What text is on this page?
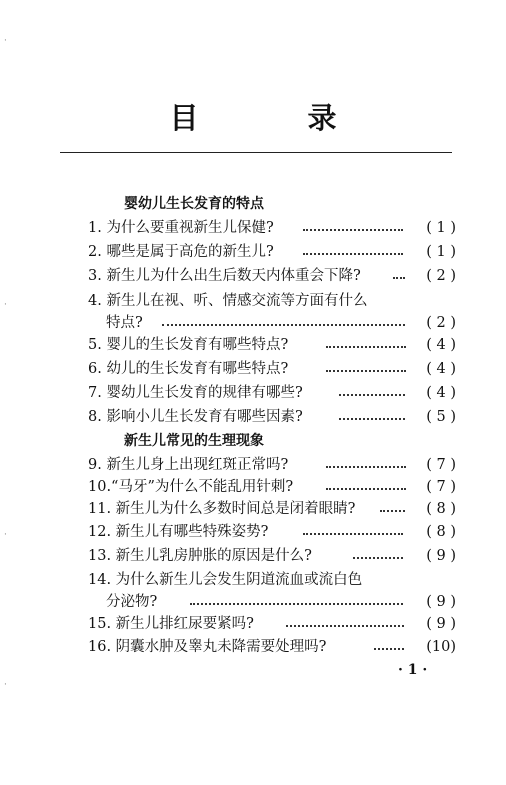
目　录
婴幼儿生长发育的特点
1. 为什么要重视新生儿保健?	( 1 )
2. 哪些是属于高危的新生儿?	( 1 )
3. 新生儿为什么出生后数天内体重会下降?	( 2 )
4. 新生儿在视、听、情感交流等方面有什么
特点?	( 2 )
5. 婴儿的生长发育有哪些特点?	( 4 )
6. 幼儿的生长发育有哪些特点?	( 4 )
7. 婴幼儿生长发育的规律有哪些?	( 4 )
8. 影响小儿生长发育有哪些因素?	( 5 )
新生儿常见的生理现象
9. 新生儿身上出现红斑正常吗?	( 7 )
10.“马牙”为什么不能乱用针刺?	( 7 )
11. 新生儿为什么多数时间总是闭着眼睛?	( 8 )
12. 新生儿有哪些特殊姿势?	( 8 )
13. 新生儿乳房肿胀的原因是什么?	( 9 )
14. 为什么新生儿会发生阴道流血或流白色
分泌物?	( 9 )
15. 新生儿排红尿要紧吗?	( 9 )
16. 阴囊水肿及睾丸未降需要处理吗?	(10)
· 1 ·
·
·
·
·
